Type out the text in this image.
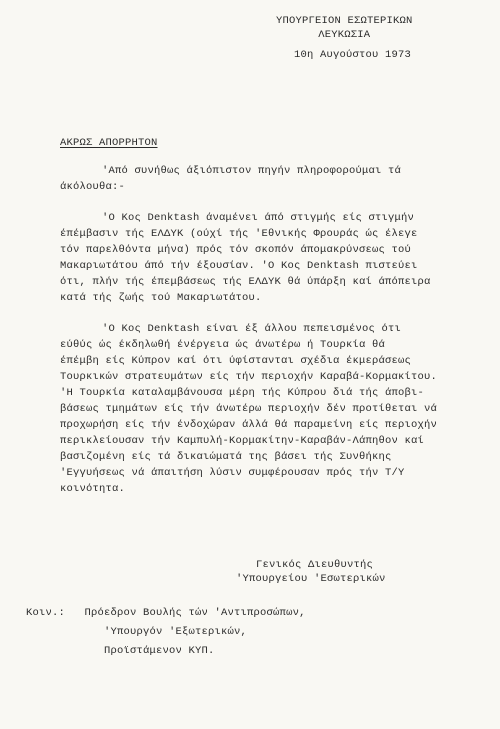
ΥΠΟΥΡΓΕΙΟΝ ΕΣΩΤΕΡΙΚΩΝ
ΛΕΥΚΩΣΙΑ
10η Αυγούστου 1973
ΑΚΡΩΣ ΑΠΟΡΡΗΤΟΝ
'Από συνήθως άξιόπιστον πηγήν πληροφορούμαι τά
άκόλουθα:-
'Ο Κος Denktash άναμένει άπό στιγμής είς στιγμήν
έπέμβασιν τής ΕΛΔΥΚ (ούχί τής 'Εθνικής Φρουράς ώς έλεγε
τόν παρελθόντα μήνα) πρός τόν σκοπόν άπομακρύνσεως τού
Μακαριωτάτου άπό τήν έξουσίαν. 'Ο Κος Denktash πιστεύει
ότι, πλήν τής έπεμβάσεως τής ΕΛΔΥΚ θά ύπάρξη καί άπόπειρα
κατά τής ζωής τού Μακαριωτάτου.
'Ο Κος Denktash είναι έξ άλλου πεπεισμένος ότι
εύθύς ώς έκδηλωθή ένέργεια ώς άνωτέρω ή Τουρκία θά
έπέμβη είς Κύπρον καί ότι ύφίστανται σχέδια έκμεράσεως
Τουρκικών στρατευμάτων είς τήν περιοχήν Καραβά-Κορμακίτου.
'Η Τουρκία καταλαμβάνουσα μέρη τής Κύπρου διά τής άποβι-
βάσεως τμημάτων είς τήν άνωτέρω περιοχήν δέν προτίθεται νά
προχωρήση είς τήν ένδοχώραν άλλά θά παραμείνη είς περιοχήν
περικλείουσαν τήν Καμπυλή-Κορμακίτην-Καραβάν-Λάπηθον καί
βασιζομένη είς τά δικαιώματά της βάσει τής Συνθήκης
'Εγγυήσεως νά άπαιτήση λύσιν συμφέρουσαν πρός τήν Τ/Υ
κοινότητα.
Γενικός Διευθυντής
'Υπουργείου 'Εσωτερικών
Κοιν.: Πρόεδρον Βουλής τών 'Αντιπροσώπων,
'Υπουργόν 'Εξωτερικών,
Προϊστάμενον ΚΥΠ.
